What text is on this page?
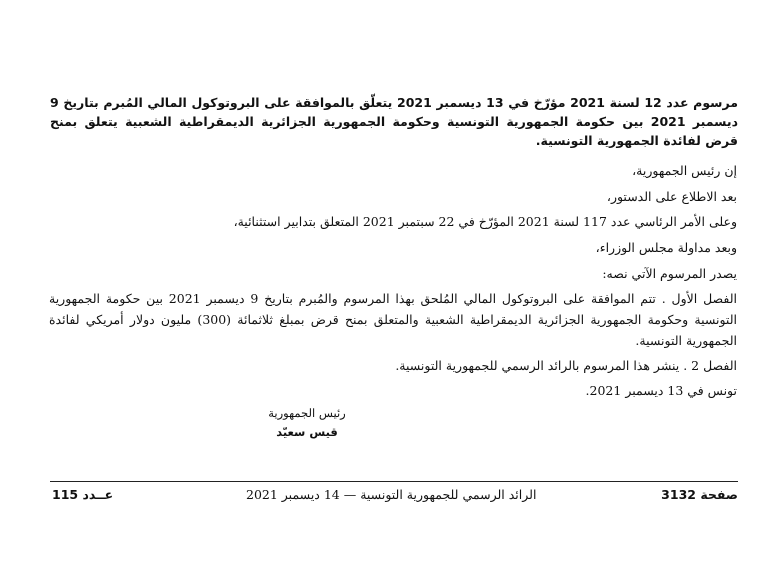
مرسوم عدد 12 لسنة 2021 مؤرّخ في 13 ديسمبر 2021 يتعلّق بالموافقة على البروتوكول المالي المُبرم بتاريخ 9 ديسمبر 2021 بين حكومة الجمهورية التونسية وحكومة الجمهورية الجزائرية الديمقراطية الشعبية يتعلق بمنح قرض لفائدة الجمهورية التونسية.
إن رئيس الجمهورية،
بعد الاطلاع على الدستور،
وعلى الأمر الرئاسي عدد 117 لسنة 2021 المؤرّخ في 22 سبتمبر 2021 المتعلق بتدابير استثنائية،
وبعد مداولة مجلس الوزراء،
يصدر المرسوم الآتي نصه:
الفصل الأول . تتم الموافقة على البروتوكول المالي المُلحق بهذا المرسوم والمُبرم بتاريخ 9 ديسمبر 2021 بين حكومة الجمهورية التونسية وحكومة الجمهورية الجزائرية الديمقراطية الشعبية والمتعلق بمنح قرض بمبلغ ثلاثمائة (300) مليون دولار أمريكي لفائدة الجمهورية التونسية.
الفصل 2 . ينشر هذا المرسوم بالرائد الرسمي للجمهورية التونسية.
تونس في 13 ديسمبر 2021.
رئيس الجمهورية
قيس سعيّد
عــدد 115	الرائد الرسمي للجمهورية التونسية — 14 ديسمبر 2021	صفحة 3132
